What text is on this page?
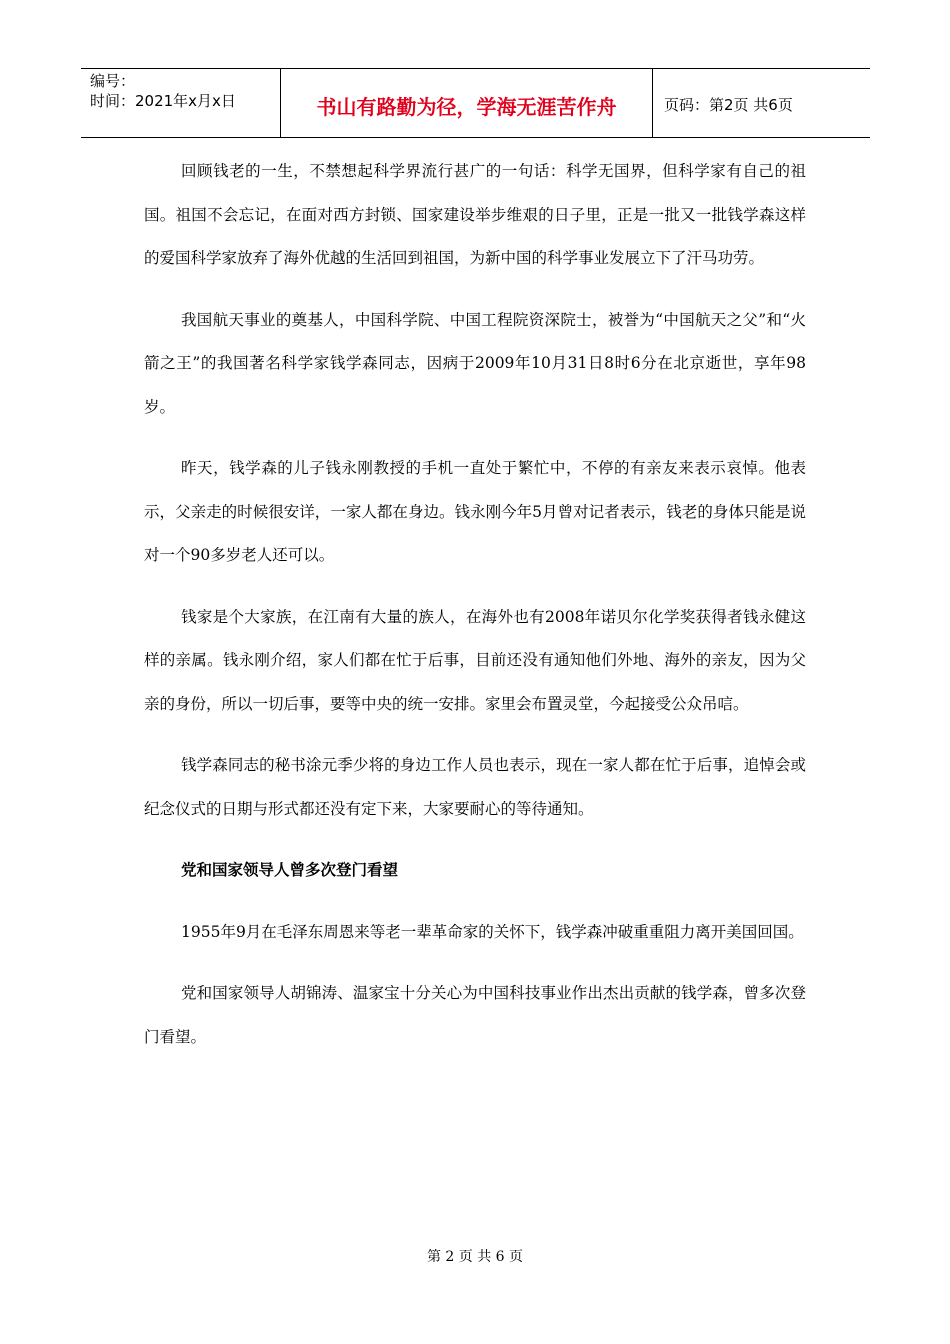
编号：
时间：2021年x月x日	书山有路勤为径，学海无涯苦作舟	页码：第2页 共6页

回顾钱老的一生，不禁想起科学界流行甚广的一句话：科学无国界，但科学家有自己的祖国。祖国不会忘记，在面对西方封锁、国家建设举步维艰的日子里，正是一批又一批钱学森这样的爱国科学家放弃了海外优越的生活回到祖国，为新中国的科学事业发展立下了汗马功劳。

我国航天事业的奠基人，中国科学院、中国工程院资深院士，被誉为“中国航天之父”和“火箭之王”的我国著名科学家钱学森同志，因病于2009年10月31日8时6分在北京逝世，享年98岁。

昨天，钱学森的儿子钱永刚教授的手机一直处于繁忙中，不停的有亲友来表示哀悼。他表示，父亲走的时候很安详，一家人都在身边。钱永刚今年5月曾对记者表示，钱老的身体只能是说对一个90多岁老人还可以。

钱家是个大家族，在江南有大量的族人，在海外也有2008年诺贝尔化学奖获得者钱永健这样的亲属。钱永刚介绍，家人们都在忙于后事，目前还没有通知他们外地、海外的亲友，因为父亲的身份，所以一切后事，要等中央的统一安排。家里会布置灵堂，今起接受公众吊唁。

钱学森同志的秘书涂元季少将的身边工作人员也表示，现在一家人都在忙于后事，追悼会或纪念仪式的日期与形式都还没有定下来，大家要耐心的等待通知。

党和国家领导人曾多次登门看望

1955年9月在毛泽东周恩来等老一辈革命家的关怀下，钱学森冲破重重阻力离开美国回国。

党和国家领导人胡锦涛、温家宝十分关心为中国科技事业作出杰出贡献的钱学森，曾多次登门看望。

第 2 页 共 6 页
